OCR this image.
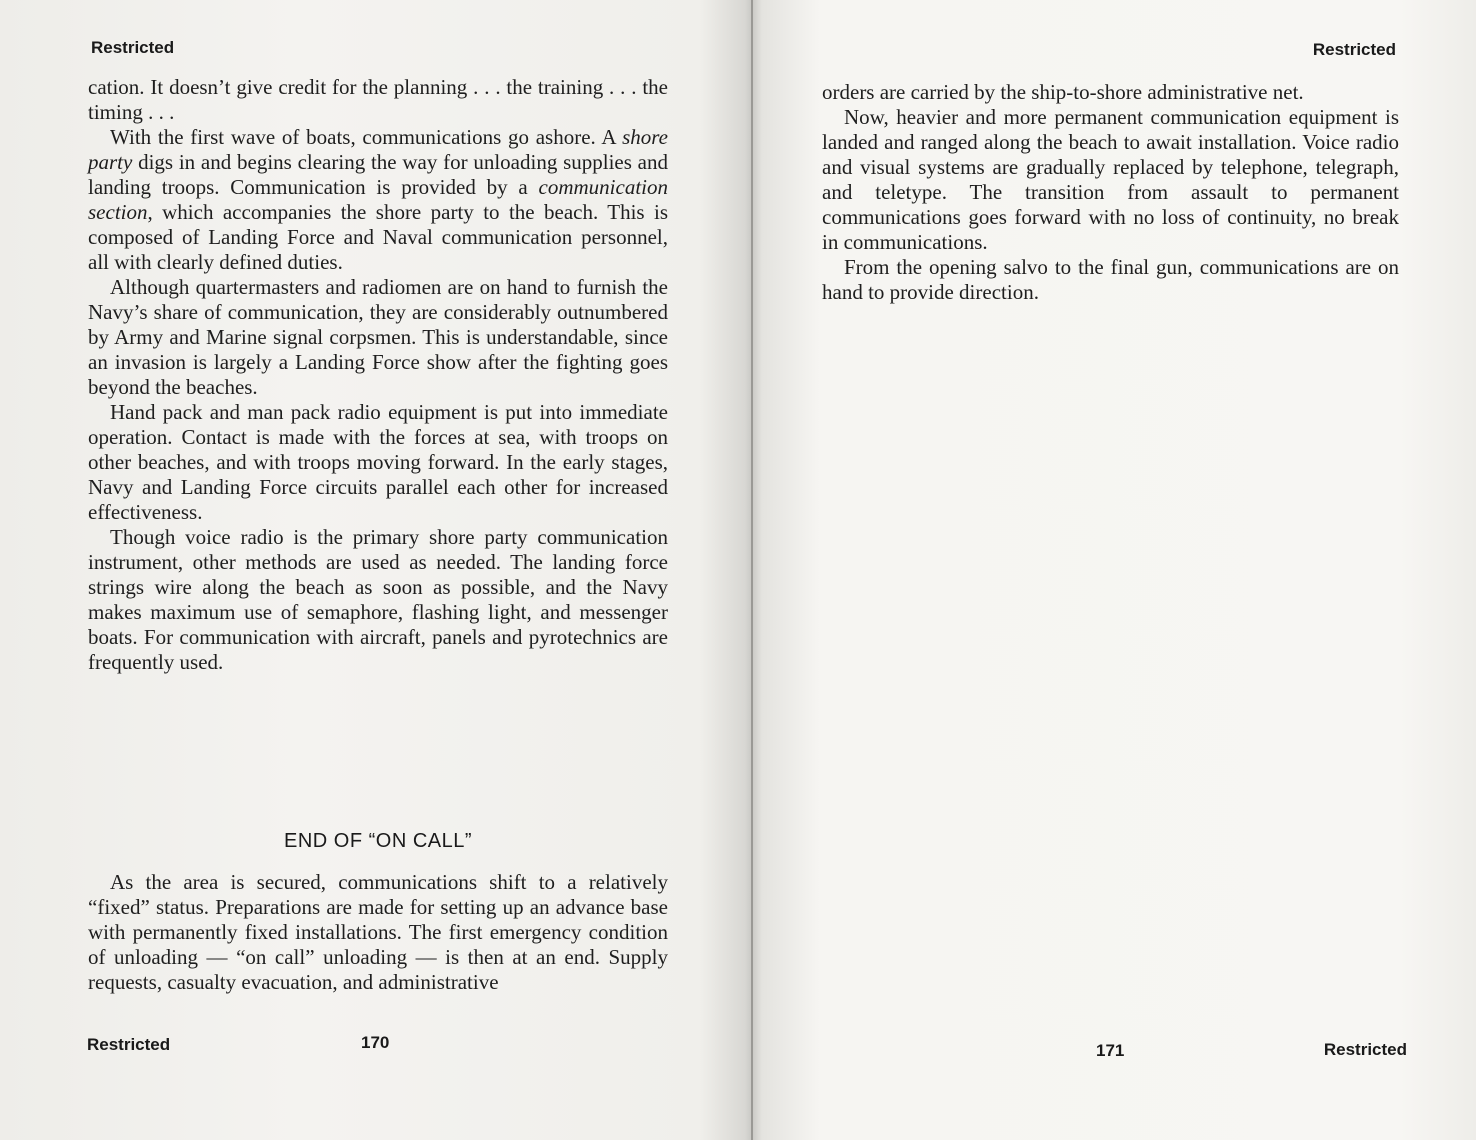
Restricted

cation. It doesn’t give credit for the planning . . . the training . . . the timing . . .

With the first wave of boats, communications go ashore. A shore party digs in and begins clearing the way for unloading supplies and landing troops. Communication is provided by a communication section, which accompanies the shore party to the beach. This is composed of Landing Force and Naval communication personnel, all with clearly defined duties.

Although quartermasters and radiomen are on hand to furnish the Navy’s share of communication, they are considerably outnumbered by Army and Marine signal corpsmen. This is understandable, since an invasion is largely a Landing Force show after the fighting goes beyond the beaches.

Hand pack and man pack radio equipment is put into immediate operation. Contact is made with the forces at sea, with troops on other beaches, and with troops moving forward. In the early stages, Navy and Landing Force circuits parallel each other for increased effectiveness.

Though voice radio is the primary shore party communication instrument, other methods are used as needed. The landing force strings wire along the beach as soon as possible, and the Navy makes maximum use of semaphore, flashing light, and messenger boats. For communication with aircraft, panels and pyrotechnics are frequently used.

END OF “ON CALL”

As the area is secured, communications shift to a relatively “fixed” status. Preparations are made for setting up an advance base with permanently fixed installations. The first emergency condition of unloading — “on call” unloading — is then at an end. Supply requests, casualty evacuation, and administrative

Restricted	170
Restricted

orders are carried by the ship-to-shore administrative net.

Now, heavier and more permanent communication equipment is landed and ranged along the beach to await installation. Voice radio and visual systems are gradually replaced by telephone, telegraph, and teletype. The transition from assault to permanent communications goes forward with no loss of continuity, no break in communications.

From the opening salvo to the final gun, communications are on hand to provide direction.

171	Restricted
